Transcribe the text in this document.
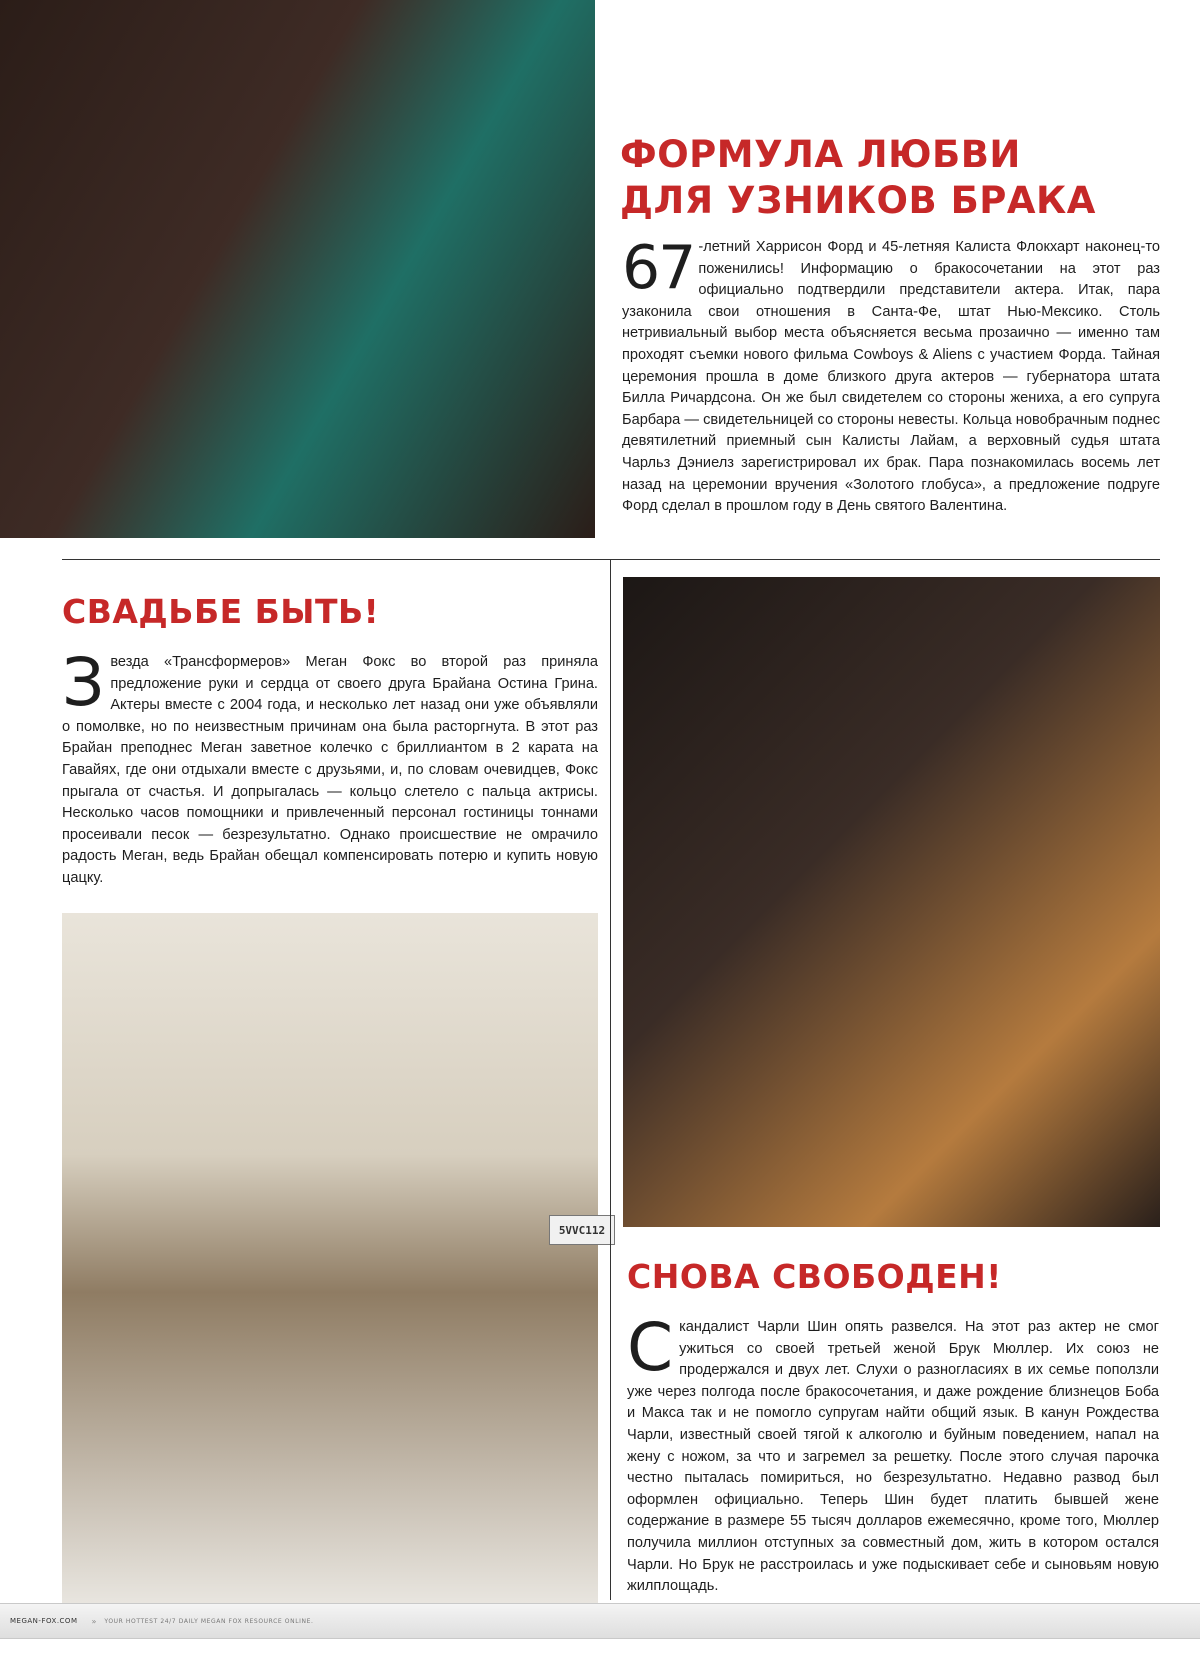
5VVC112
ФОРМУЛА ЛЮБВИ
ДЛЯ УЗНИКОВ БРАКА

67 -летний Харрисон Форд и 45-летняя Калиста Флокхарт наконец-то поженились! Информацию о бракосочетании на этот раз официально подтвердили представители актера. Итак, пара узаконила свои отношения в Санта-Фе, штат Нью-Мексико. Столь нетривиальный выбор места объясняется весьма прозаично — именно там проходят съемки нового фильма Cowboys & Aliens с участием Форда. Тайная церемония прошла в доме близкого друга актеров — губернатора штата Билла Ричардсона. Он же был свидетелем со стороны жениха, а его супруга Барбара — свидетельницей со стороны невесты. Кольца новобрачным поднес девятилетний приемный сын Калисты Лайам, а верховный судья штата Чарльз Дэниелз зарегистрировал их брак. Пара познакомилась восемь лет назад на церемонии вручения «Золотого глобуса», а предложение подруге Форд сделал в прошлом году в День святого Валентина.

СВАДЬБЕ БЫТЬ!

Звезда «Трансформеров» Меган Фокс во второй раз приняла предложение руки и сердца от своего друга Брайана Остина Грина. Актеры вместе с 2004 года, и несколько лет назад они уже объявляли о помолвке, но по неизвестным причинам она была расторгнута. В этот раз Брайан преподнес Меган заветное колечко с бриллиантом в 2 карата на Гавайях, где они отдыхали вместе с друзьями, и, по словам очевидцев, Фокс прыгала от счастья. И допрыгалась — кольцо слетело с пальца актрисы. Несколько часов помощники и привлеченный персонал гостиницы тоннами просеивали песок — безрезультатно. Однако происшествие не омрачило радость Меган, ведь Брайан обещал компенсировать потерю и купить новую цацку.

СНОВА СВОБОДЕН!

Скандалист Чарли Шин опять развелся. На этот раз актер не смог ужиться со своей третьей женой Брук Мюллер. Их союз не продержался и двух лет. Слухи о разногласиях в их семье поползли уже через полгода после бракосочетания, и даже рождение близнецов Боба и Макса так и не помогло супругам найти общий язык. В канун Рождества Чарли, известный своей тягой к алкоголю и буйным поведением, напал на жену с ножом, за что и загремел за решетку. После этого случая парочка честно пыталась помириться, но безрезультатно. Недавно развод был оформлен официально. Теперь Шин будет платить бывшей жене содержание в размере 55 тысяч долларов ежемесячно, кроме того, Мюллер получила миллион отступных за совместный дом, жить в котором остался Чарли. Но Брук не расстроилась и уже подыскивает себе и сыновьям новую жилплощадь.

MEGAN-FOX.COM » YOUR HOTTEST 24/7 DAILY MEGAN FOX RESOURCE ONLINE.
